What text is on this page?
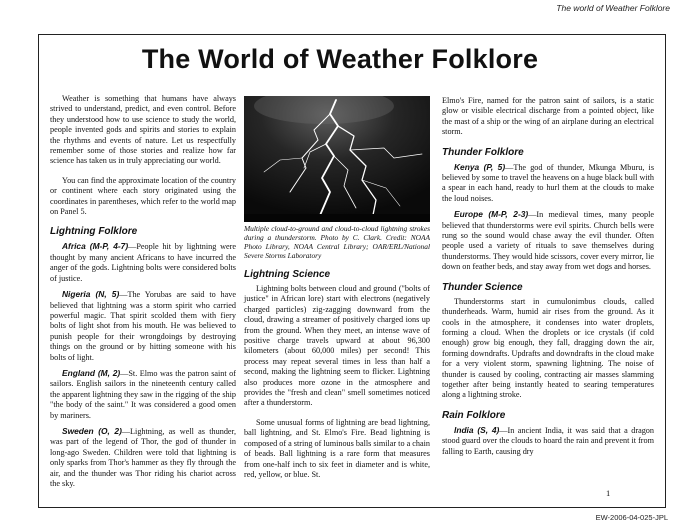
The world of Weather Folklore
The World of Weather Folklore

Weather is something that humans have always strived to understand, predict, and even control. Before they understood how to use science to study the world, people invented gods and spirits and stories to explain the rhythms and events of nature. Let us respectfully remember some of those stories and realize how far science has taken us in truly appreciating our world.

You can find the approximate location of the country or continent where each story originated using the coordinates in parentheses, which refer to the world map on Panel 5.

Lightning Folklore

Africa (M-P, 4-7)—People hit by lightning were thought by many ancient Africans to have incurred the anger of the gods. Lightning bolts were considered bolts of justice.

Nigeria (N, 5)—The Yorubas are said to have believed that lightning was a storm spirit who carried powerful magic. That spirit scolded them with fiery bolts of light shot from his mouth. He was believed to punish people for their wrongdoings by destroying things on the ground or by hitting someone with his bolts of light.

England (M, 2)—St. Elmo was the patron saint of sailors. English sailors in the nineteenth century called the apparent lightning they saw in the rigging of the ship "the body of the saint." It was considered a good omen by mariners.

Sweden (O, 2)—Lightning, as well as thunder, was part of the legend of Thor, the god of thunder in long-ago Sweden. Children were told that lightning is only sparks from Thor's hammer as they fly through the air, and the thunder was Thor riding his chariot across the sky.

Multiple cloud-to-ground and cloud-to-cloud lightning strokes during a thunderstorm. Photo by C. Clark. Credit: NOAA Photo Library, NOAA Central Library; OAR/ERL/National Severe Storms Laboratory

Lightning Science

Lightning bolts between cloud and ground ("bolts of justice" in African lore) start with electrons (negatively charged particles) zig-zagging downward from the cloud, drawing a streamer of positively charged ions up from the ground. When they meet, an intense wave of positive charge travels upward at about 96,300 kilometers (about 60,000 miles) per second! This process may repeat several times in less than half a second, making the lightning seem to flicker. Lightning also produces more ozone in the atmosphere and provides the "fresh and clean" smell sometimes noticed after a thunderstorm.

Some unusual forms of lightning are bead lightning, ball lightning, and St. Elmo's Fire. Bead lightning is composed of a string of luminous balls similar to a chain of beads. Ball lightning is a rare form that measures from one-half inch to six feet in diameter and is white, red, yellow, or blue. St.

Elmo's Fire, named for the patron saint of sailors, is a static glow or visible electrical discharge from a pointed object, like the mast of a ship or the wing of an airplane during an electrical storm.

Thunder Folklore

Kenya (P, 5)—The god of thunder, Mkunga Mburu, is believed by some to travel the heavens on a huge black bull with a spear in each hand, ready to hurl them at the clouds to make the loud noises.

Europe (M-P, 2-3)—In medieval times, many people believed that thunderstorms were evil spirits. Church bells were rung so the sound would chase away the evil thunder. Often people used a variety of rituals to save themselves during thunderstorms. They would hide scissors, cover every mirror, lie down on feather beds, and stay away from wet dogs and horses.

Thunder Science

Thunderstorms start in cumulonimbus clouds, called thunderheads. Warm, humid air rises from the ground. As it cools in the atmosphere, it condenses into water droplets, forming a cloud. When the droplets or ice crystals (if cold enough) grow big enough, they fall, dragging down the air, forming downdrafts. Updrafts and downdrafts in the cloud make for a very violent storm, spawning lightning. The noise of thunder is caused by cooling, contracting air masses slamming together after being instantly heated to searing temperatures along a lightning stroke.

Rain Folklore

India (S, 4)—In ancient India, it was said that a dragon stood guard over the clouds to hoard the rain and prevent it from falling to Earth, causing dry

1
EW-2006-04-025-JPL
